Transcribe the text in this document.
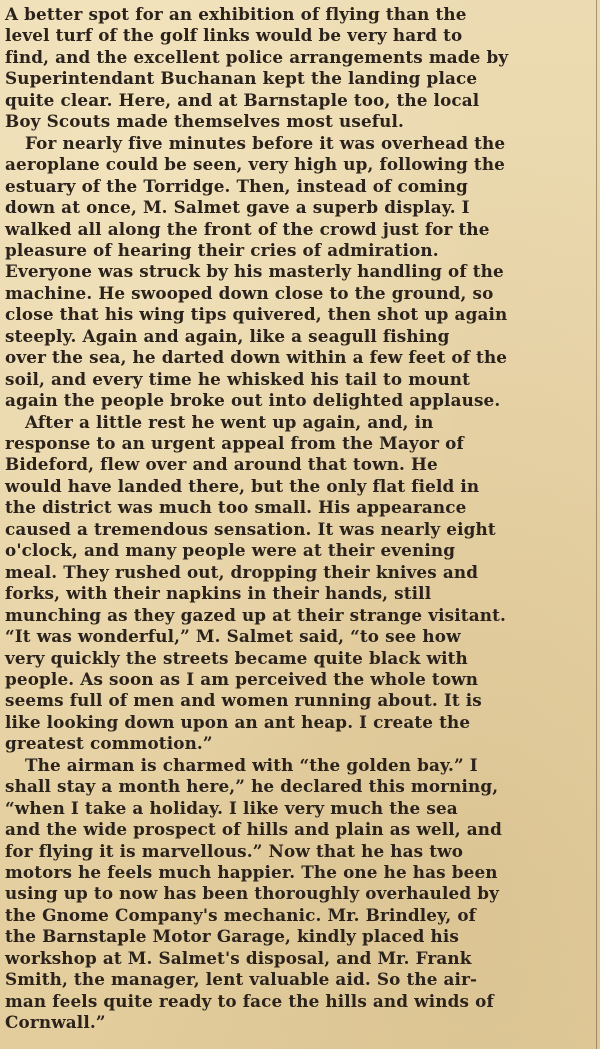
A better spot for an exhibition of flying than the
level turf of the golf links would be very hard to
find, and the excellent police arrangements made by
Superintendant Buchanan kept the landing place
quite clear. Here, and at Barnstaple too, the local
Boy Scouts made themselves most useful.
For nearly five minutes before it was overhead the
aeroplane could be seen, very high up, following the
estuary of the Torridge. Then, instead of coming
down at once, M. Salmet gave a superb display. I
walked all along the front of the crowd just for the
pleasure of hearing their cries of admiration.
Everyone was struck by his masterly handling of the
machine. He swooped down close to the ground, so
close that his wing tips quivered, then shot up again
steeply. Again and again, like a seagull fishing
over the sea, he darted down within a few feet of the
soil, and every time he whisked his tail to mount
again the people broke out into delighted applause.
After a little rest he went up again, and, in
response to an urgent appeal from the Mayor of
Bideford, flew over and around that town. He
would have landed there, but the only flat field in
the district was much too small. His appearance
caused a tremendous sensation. It was nearly eight
o'clock, and many people were at their evening
meal. They rushed out, dropping their knives and
forks, with their napkins in their hands, still
munching as they gazed up at their strange visitant.
“It was wonderful,” M. Salmet said, “to see how
very quickly the streets became quite black with
people. As soon as I am perceived the whole town
seems full of men and women running about. It is
like looking down upon an ant heap. I create the
greatest commotion.”
The airman is charmed with “the golden bay.” I
shall stay a month here,” he declared this morning,
“when I take a holiday. I like very much the sea
and the wide prospect of hills and plain as well, and
for flying it is marvellous.” Now that he has two
motors he feels much happier. The one he has been
using up to now has been thoroughly overhauled by
the Gnome Company's mechanic. Mr. Brindley, of
the Barnstaple Motor Garage, kindly placed his
workshop at M. Salmet's disposal, and Mr. Frank
Smith, the manager, lent valuable aid. So the air-
man feels quite ready to face the hills and winds of
Cornwall.”
